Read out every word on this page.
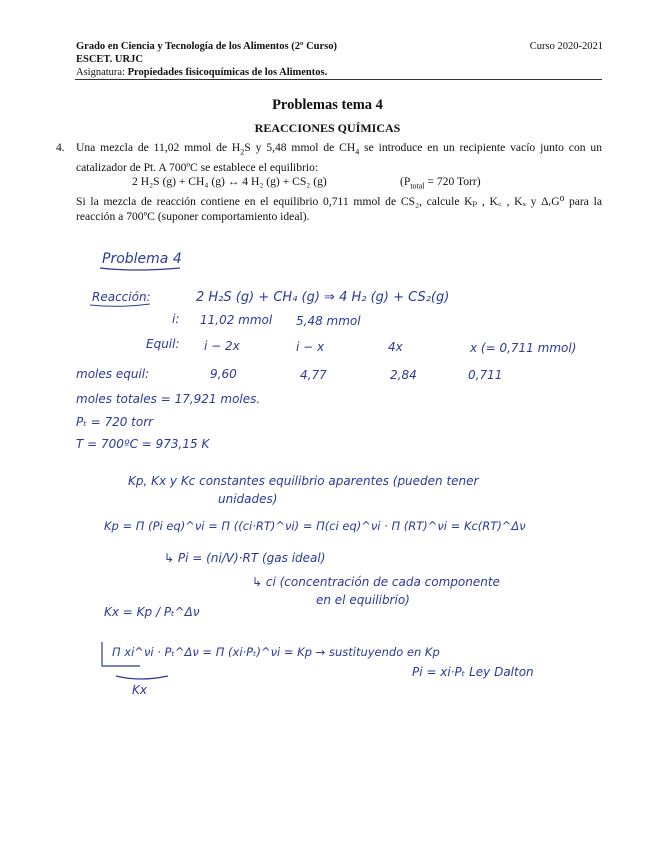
Grado en Ciencia y Tecnología de los Alimentos (2º Curso)
ESCET. URJC
Asignatura: Propiedades fisicoquímicas de los Alimentos.
Curso 2020-2021
Problemas tema 4
REACCIONES QUÍMICAS
4. Una mezcla de 11,02 mmol de $H_2S$ y 5,48 mmol de $CH_4$ se introduce en un recipiente vacío junto con un catalizador de Pt. A 700ºC se establece el equilibrio:
2 H₂S (g) + CH₄ (g) ↔ 4 H₂ (g) + CS₂ (g)	($P_{total} = 720$ Torr)
Si la mezcla de reacción contiene en el equilibrio 0,711 mmol de CS₂, calcule Kₚ , K꜀ , Kₓ y ΔᵣG⁰ para la reacción a 700ºC (suponer comportamiento ideal).
Problema 4
Reacción:	2 H₂S (g) + CH₄ (g) ⇒ 4 H₂ (g) + CS₂(g)
i: 11,02 mmol 5,48 mmol
Equil: i − 2x	i − x	4x	x (= 0,711 mmol)
moles equil:	9,60	4,77	2,84	0,711
moles totales = 17,921 moles.
Pₜ = 720 torr
T = 700ºC = 973,15 K
Kp, Kx y Kc constantes equilibrio aparentes (pueden tener
unidades)
Kp = Π (Pi eq)^νi = Π ((ci·RT)^νi) = Π(ci eq)^νi · Π (RT)^νi = Kc(RT)^Δν
↳ Pi = (ni/V)·RT (gas ideal)
↳ ci (concentración de cada componente
en el equilibrio)
Kx = Kp / Pₜ^Δν
Π xi^νi · Pₜ^Δν = Π (xi·Pₜ)^νi = Kp → sustituyendo en Kp
Pi = xi·Pₜ Ley Dalton
Kx
